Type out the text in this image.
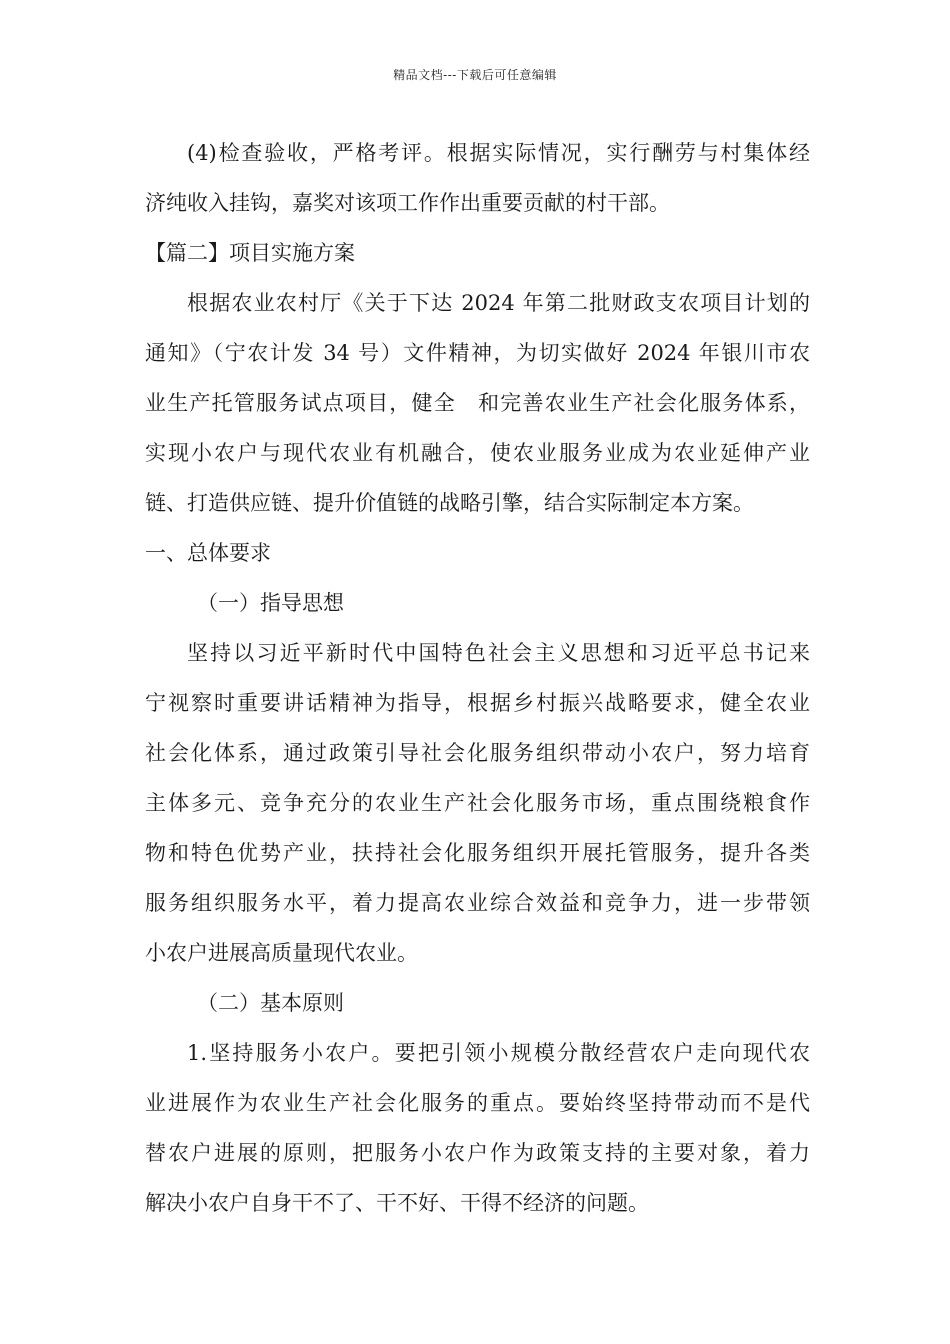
精品文档---下载后可任意编辑
(4)检查验收，严格考评。根据实际情况，实行酬劳与村集体经
济纯收入挂钩，嘉奖对该项工作作出重要贡献的村干部。
【篇二】项目实施方案
根据农业农村厅《关于下达 2024 年第二批财政支农项目计划的
通知》（宁农计发 34 号）文件精神，为切实做好 2024 年银川市农
业生产托管服务试点项目，健全　和完善农业生产社会化服务体系，
实现小农户与现代农业有机融合，使农业服务业成为农业延伸产业
链、打造供应链、提升价值链的战略引擎，结合实际制定本方案。
一、总体要求
（一）指导思想
坚持以习近平新时代中国特色社会主义思想和习近平总书记来
宁视察时重要讲话精神为指导，根据乡村振兴战略要求，健全农业
社会化体系，通过政策引导社会化服务组织带动小农户，努力培育
主体多元、竞争充分的农业生产社会化服务市场，重点围绕粮食作
物和特色优势产业，扶持社会化服务组织开展托管服务，提升各类
服务组织服务水平，着力提高农业综合效益和竞争力，进一步带领
小农户进展高质量现代农业。
（二）基本原则
1.坚持服务小农户。要把引领小规模分散经营农户走向现代农
业进展作为农业生产社会化服务的重点。要始终坚持带动而不是代
替农户进展的原则，把服务小农户作为政策支持的主要对象，着力
解决小农户自身干不了、干不好、干得不经济的问题。
